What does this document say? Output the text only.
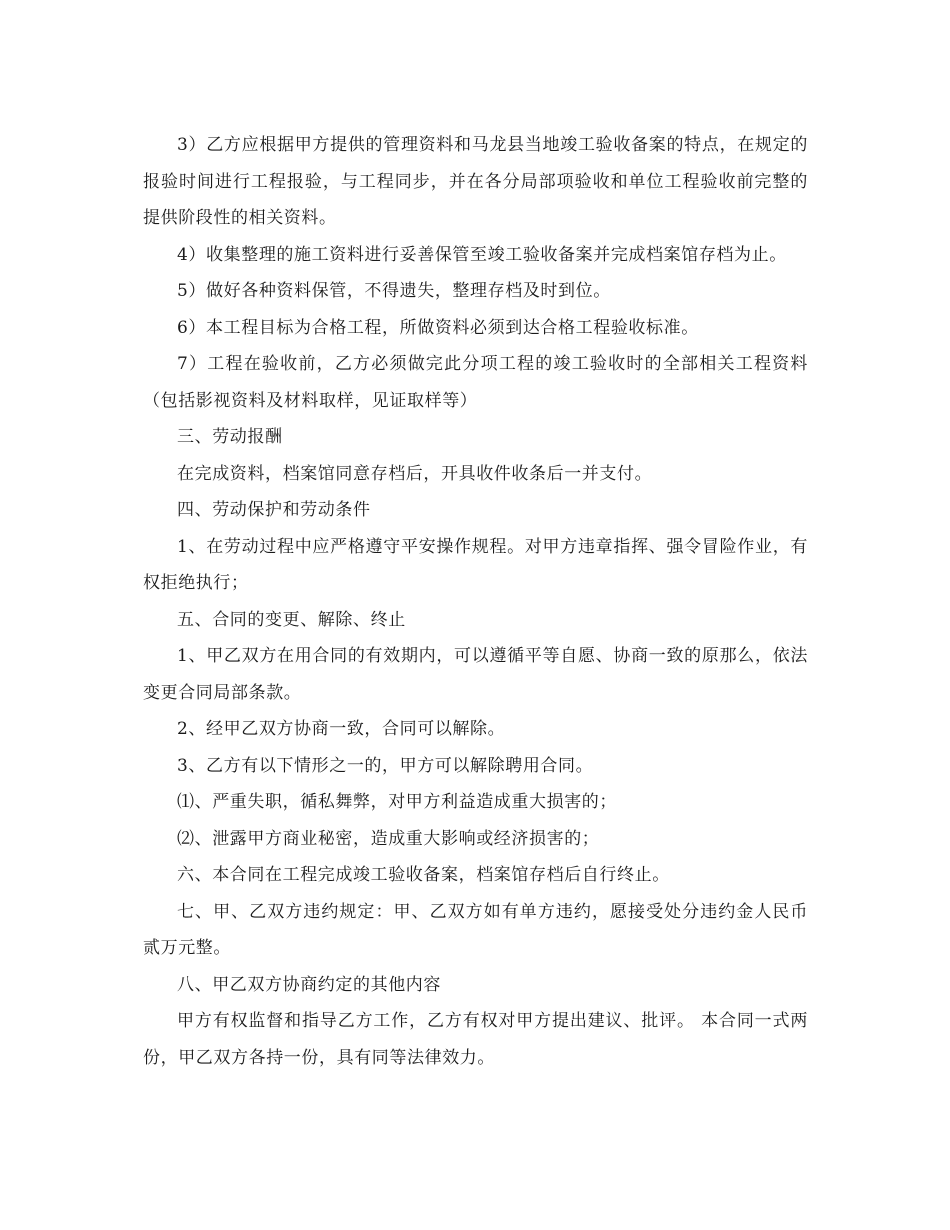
3）乙方应根据甲方提供的管理资料和马龙县当地竣工验收备案的特点，在规定的报验时间进行工程报验，与工程同步，并在各分局部项验收和单位工程验收前完整的提供阶段性的相关资料。

4）收集整理的施工资料进行妥善保管至竣工验收备案并完成档案馆存档为止。

5）做好各种资料保管，不得遗失，整理存档及时到位。

6）本工程目标为合格工程，所做资料必须到达合格工程验收标准。

7）工程在验收前，乙方必须做完此分项工程的竣工验收时的全部相关工程资料（包括影视资料及材料取样，见证取样等）

三、劳动报酬

在完成资料，档案馆同意存档后，开具收件收条后一并支付。

四、劳动保护和劳动条件

1、在劳动过程中应严格遵守平安操作规程。对甲方违章指挥、强令冒险作业，有权拒绝执行；

五、合同的变更、解除、终止

1、甲乙双方在用合同的有效期内，可以遵循平等自愿、协商一致的原那么，依法变更合同局部条款。

2、经甲乙双方协商一致，合同可以解除。

3、乙方有以下情形之一的，甲方可以解除聘用合同。

⑴、严重失职，循私舞弊，对甲方利益造成重大损害的；

⑵、泄露甲方商业秘密，造成重大影响或经济损害的；

六、本合同在工程完成竣工验收备案，档案馆存档后自行终止。

七、甲、乙双方违约规定：甲、乙双方如有单方违约，愿接受处分违约金人民币贰万元整。

八、甲乙双方协商约定的其他内容

甲方有权监督和指导乙方工作，乙方有权对甲方提出建议、批评。 本合同一式两份，甲乙双方各持一份，具有同等法律效力。
